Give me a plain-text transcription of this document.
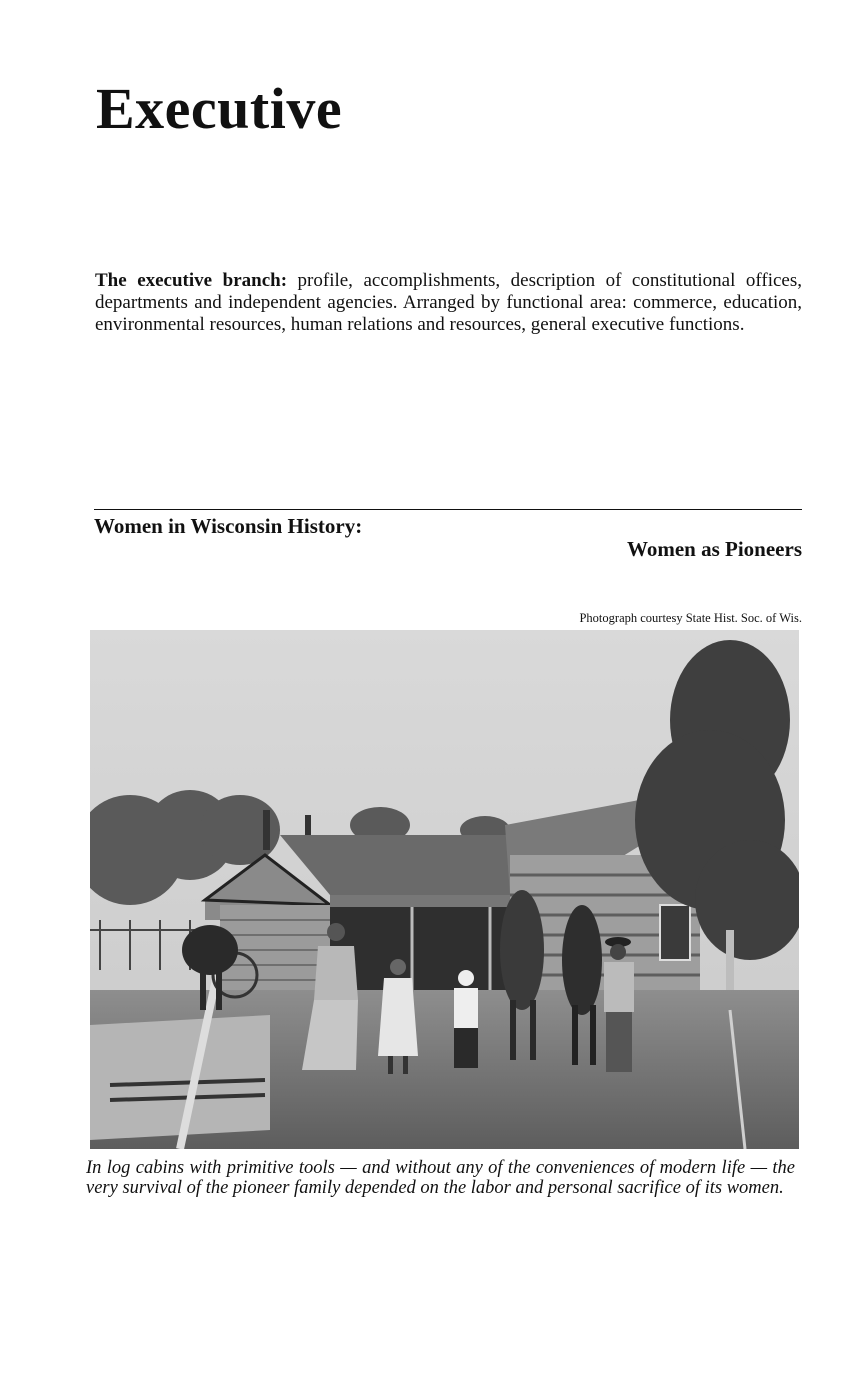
Executive

The executive branch: profile, accomplishments, description of constitutional offices, departments and independent agencies. Arranged by functional area: commerce, education, environmental resources, human relations and resources, general executive functions.

Women in Wisconsin History:
Women as Pioneers
Photograph courtesy State Hist. Soc. of Wis.

In log cabins with primitive tools — and without any of the conveniences of modern life — the very survival of the pioneer family depended on the labor and personal sacrifice of its women.
